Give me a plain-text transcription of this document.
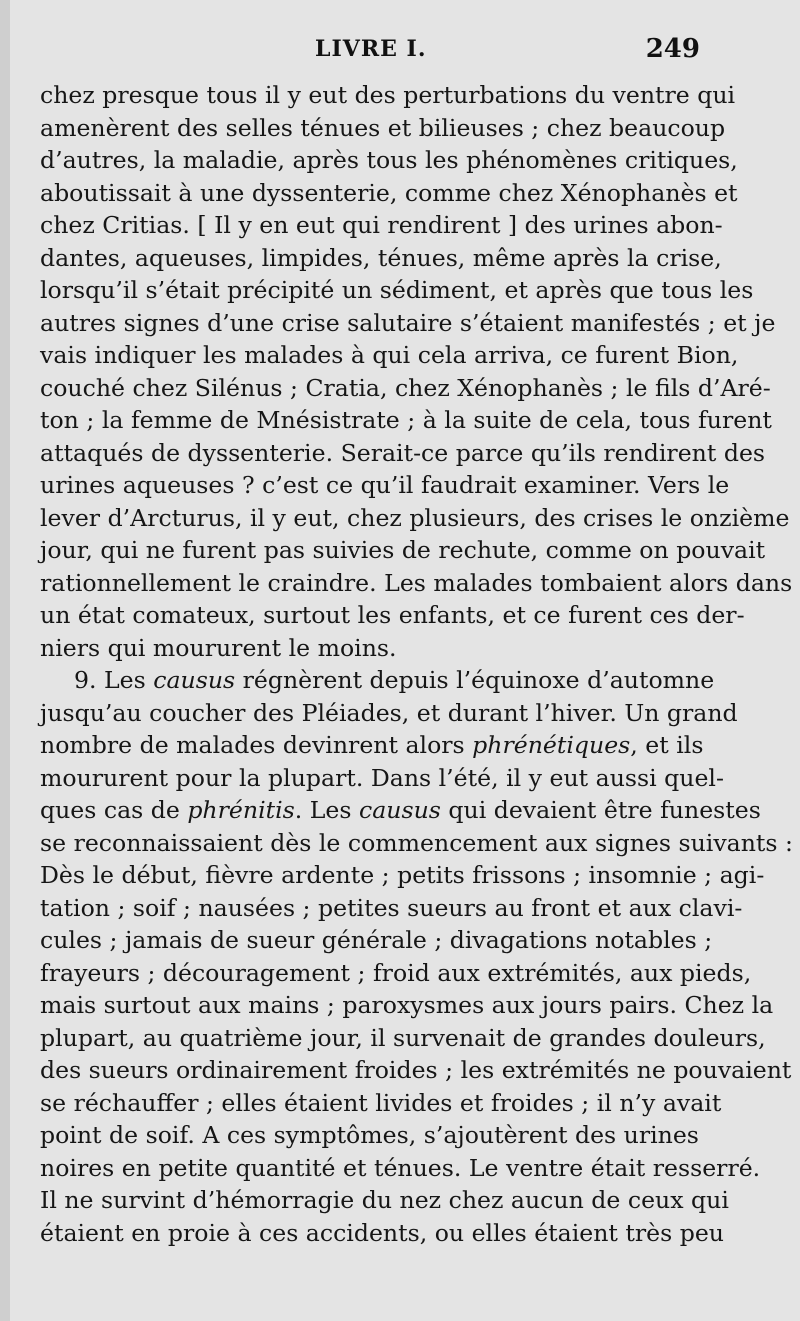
LIVRE I.	249
chez presque tous il y eut des perturbations du ventre qui
amenèrent des selles ténues et bilieuses ; chez beaucoup
d’autres, la maladie, après tous les phénomènes critiques,
aboutissait à une dyssenterie, comme chez Xénophanès et
chez Critias. [ Il y en eut qui rendirent ] des urines abon-
dantes, aqueuses, limpides, ténues, même après la crise,
lorsqu’il s’était précipité un sédiment, et après que tous les
autres signes d’une crise salutaire s’étaient manifestés ; et je
vais indiquer les malades à qui cela arriva, ce furent Bion,
couché chez Silénus ; Cratia, chez Xénophanès ; le fils d’Aré-
ton ; la femme de Mnésistrate ; à la suite de cela, tous furent
attaqués de dyssenterie. Serait-ce parce qu’ils rendirent des
urines aqueuses ? c’est ce qu’il faudrait examiner. Vers le
lever d’Arcturus, il y eut, chez plusieurs, des crises le onzième
jour, qui ne furent pas suivies de rechute, comme on pouvait
rationnellement le craindre. Les malades tombaient alors dans
un état comateux, surtout les enfants, et ce furent ces der-
niers qui moururent le moins.
9. Les causus régnèrent depuis l’équinoxe d’automne
jusqu’au coucher des Pléiades, et durant l’hiver. Un grand
nombre de malades devinrent alors phrénétiques, et ils
moururent pour la plupart. Dans l’été, il y eut aussi quel-
ques cas de phrénitis. Les causus qui devaient être funestes
se reconnaissaient dès le commencement aux signes suivants :
Dès le début, fièvre ardente ; petits frissons ; insomnie ; agi-
tation ; soif ; nausées ; petites sueurs au front et aux clavi-
cules ; jamais de sueur générale ; divagations notables ;
frayeurs ; découragement ; froid aux extrémités, aux pieds,
mais surtout aux mains ; paroxysmes aux jours pairs. Chez la
plupart, au quatrième jour, il survenait de grandes douleurs,
des sueurs ordinairement froides ; les extrémités ne pouvaient
se réchauffer ; elles étaient livides et froides ; il n’y avait
point de soif. A ces symptômes, s’ajoutèrent des urines
noires en petite quantité et ténues. Le ventre était resserré.
Il ne survint d’hémorragie du nez chez aucun de ceux qui
étaient en proie à ces accidents, ou elles étaient très peu
